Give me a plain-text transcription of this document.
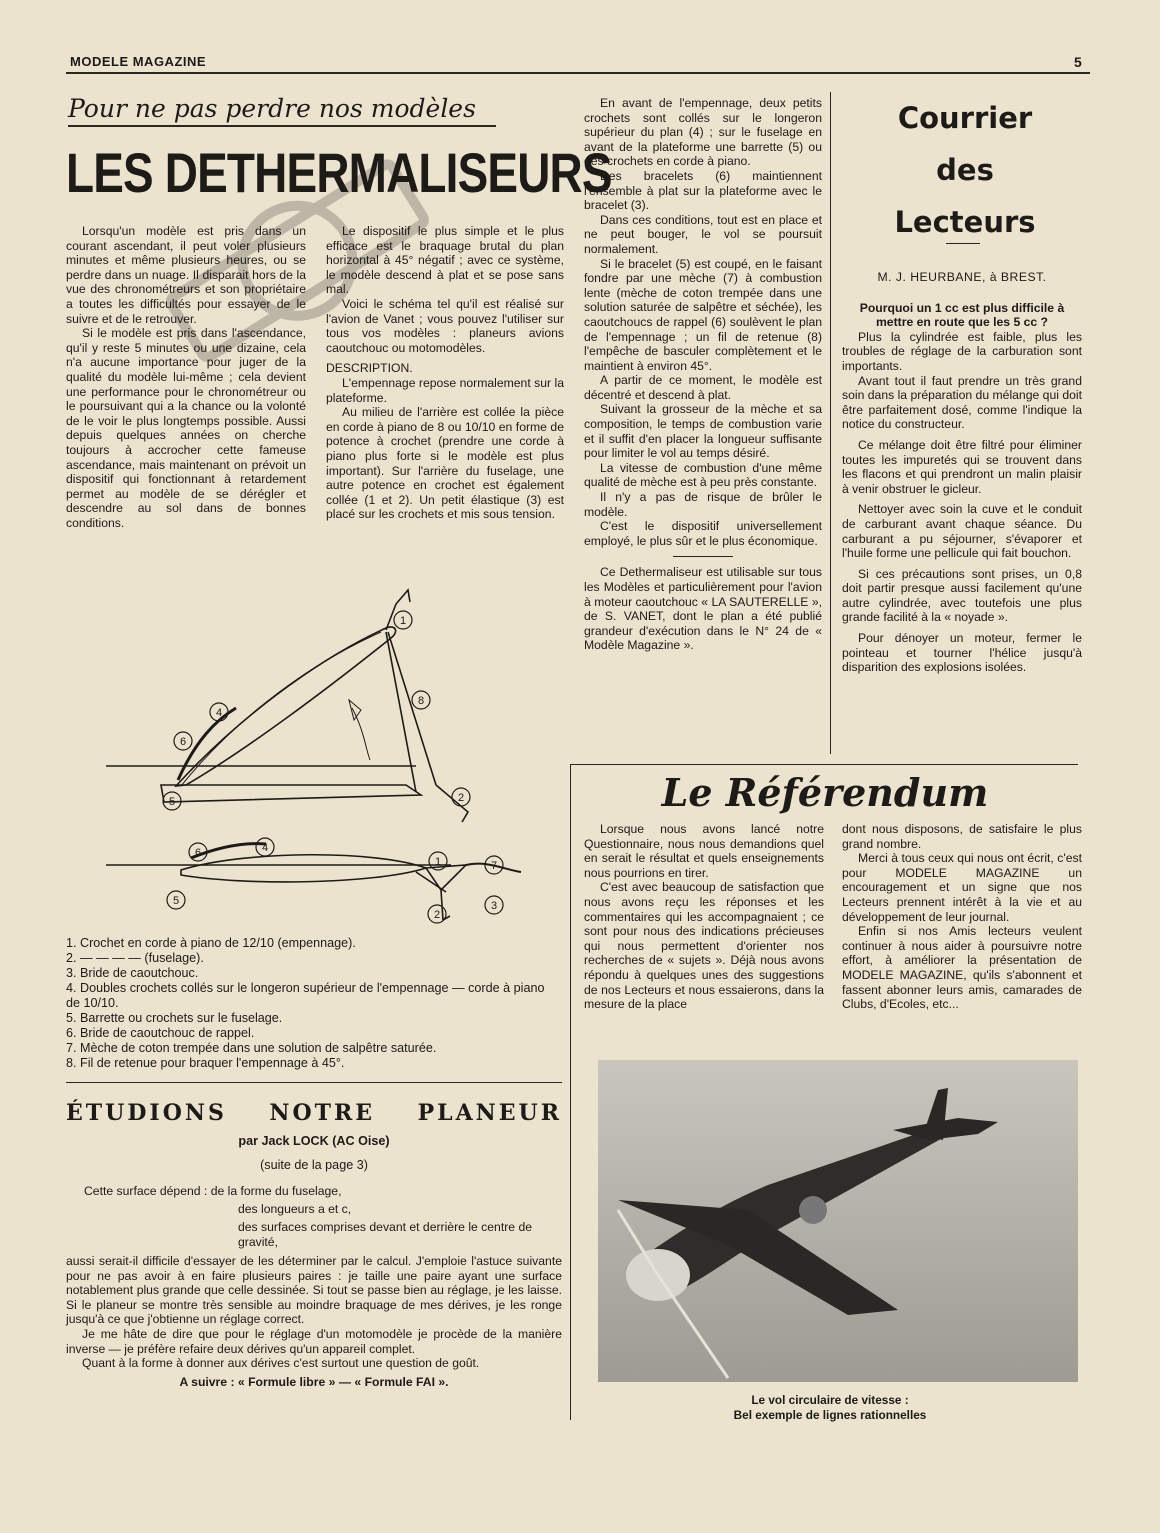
MODELE MAGAZINE	5
Pour ne pas perdre nos modèles
LES DETHERMALISEURS

Lorsqu'un modèle est pris dans un courant ascendant, il peut voler plusieurs minutes et même plusieurs heures, ou se perdre dans un nuage. Il disparait hors de la vue des chronométreurs et son propriétaire a toutes les difficultés pour essayer de le suivre et de le retrouver.

Si le modèle est pris dans l'ascendance, qu'il y reste 5 minutes ou une dizaine, cela n'a aucune importance pour juger de la qualité du modèle lui-même ; cela devient une performance pour le chronométreur ou le poursuivant qui a la chance ou la volonté de le voir le plus longtemps possible. Aussi depuis quelques années on cherche toujours à accrocher cette fameuse ascendance, mais maintenant on prévoit un dispositif qui fonctionnant à retardement permet au modèle de se dérégler et descendre au sol dans de bonnes conditions.

Le dispositif le plus simple et le plus efficace est le braquage brutal du plan horizontal à 45° négatif ; avec ce système, le modèle descend à plat et se pose sans mal.

Voici le schéma tel qu'il est réalisé sur l'avion de Vanet ; vous pouvez l'utiliser sur tous vos modèles : planeurs avions caoutchouc ou motomodèles.

DESCRIPTION.

L'empennage repose normalement sur la plateforme.

Au milieu de l'arrière est collée la pièce en corde à piano de 8 ou 10/10 en forme de potence à crochet (prendre une corde à piano plus forte si le modèle est plus important). Sur l'arrière du fuselage, une autre potence en crochet est également collée (1 et 2). Un petit élastique (3) est placé sur les crochets et mis sous tension.

En avant de l'empennage, deux petits crochets sont collés sur le longeron supérieur du plan (4) ; sur le fuselage en avant de la plateforme une barrette (5) ou des crochets en corde à piano.

Des bracelets (6) maintiennent l'ensemble à plat sur la plateforme avec le bracelet (3).

Dans ces conditions, tout est en place et ne peut bouger, le vol se poursuit normalement.

Si le bracelet (5) est coupé, en le faisant fondre par une mèche (7) à combustion lente (mèche de coton trempée dans une solution saturée de salpêtre et séchée), les caoutchoucs de rappel (6) soulèvent le plan de l'empennage ; un fil de retenue (8) l'empêche de basculer complètement et le maintient à environ 45°.

A partir de ce moment, le modèle est décentré et descend à plat.

Suivant la grosseur de la mèche et sa composition, le temps de combustion varie et il suffit d'en placer la longueur suffisante pour limiter le vol au temps désiré.

La vitesse de combustion d'une même qualité de mèche est à peu près constante.

Il n'y a pas de risque de brûler le modèle.

C'est le dispositif universellement employé, le plus sûr et le plus économique.

Ce Dethermaliseur est utilisable sur tous les Modèles et particulièrement pour l'avion à moteur caoutchouc « LA SAUTERELLE », de S. VANET, dont le plan a été publié grandeur d'exécution dans le N° 24 de « Modèle Magazine ».

1
2
8
4
6
5
6	4
1	7
3
2
5
1. Crochet en corde à piano de 12/10 (empennage).
2. — — — — (fuselage).
3. Bride de caoutchouc.
4. Doubles crochets collés sur le longeron supérieur de l'empennage — corde à piano de 10/10.
5. Barrette ou crochets sur le fuselage.
6. Bride de caoutchouc de rappel.
7. Mèche de coton trempée dans une solution de salpêtre saturée.
8. Fil de retenue pour braquer l'empennage à 45°.
Courrier
des
Lecteurs
M. J. HEURBANE, à BREST.
Pourquoi un 1 cc est plus difficile à mettre en route que les 5 cc ?

Plus la cylindrée est faible, plus les troubles de réglage de la carburation sont importants.

Avant tout il faut prendre un très grand soin dans la préparation du mélange qui doit être parfaitement dosé, comme l'indique la notice du constructeur.

Ce mélange doit être filtré pour éliminer toutes les impuretés qui se trouvent dans les flacons et qui prendront un malin plaisir à venir obstruer le gicleur.

Nettoyer avec soin la cuve et le conduit de carburant avant chaque séance. Du carburant a pu séjourner, s'évaporer et l'huile forme une pellicule qui fait bouchon.

Si ces précautions sont prises, un 0,8 doit partir presque aussi facilement qu'une autre cylindrée, avec toutefois une plus grande facilité à la « noyade ».

Pour dénoyer un moteur, fermer le pointeau et tourner l'hélice jusqu'à disparition des explosions isolées.

Le Référendum

Lorsque nous avons lancé notre Questionnaire, nous nous demandions quel en serait le résultat et quels enseignements nous pourrions en tirer.

C'est avec beaucoup de satisfaction que nous avons reçu les réponses et les commentaires qui les accompagnaient ; ce sont pour nous des indications précieuses qui nous permettent d'orienter nos recherches de « sujets ». Déjà nous avons répondu à quelques unes des suggestions de nos Lecteurs et nous essaierons, dans la mesure de la place

dont nous disposons, de satisfaire le plus grand nombre.

Merci à tous ceux qui nous ont écrit, c'est pour MODELE MAGAZINE un encouragement et un signe que nos Lecteurs prennent intérêt à la vie et au développement de leur journal.

Enfin si nos Amis lecteurs veulent continuer à nous aider à poursuivre notre effort, à améliorer la présentation de MODELE MAGAZINE, qu'ils s'abonnent et fassent abonner leurs amis, camarades de Clubs, d'Ecoles, etc...

Le vol circulaire de vitesse :
Bel exemple de lignes rationnelles
ÉTUDIONS NOTRE PLANEUR
par Jack LOCK (AC Oise)
(suite de la page 3)
Cette surface dépend : de la forme du fuselage,
des longueurs a et c,
des surfaces comprises devant et derrière le centre de gravité,

aussi serait-il difficile d'essayer de les déterminer par le calcul. J'emploie l'astuce suivante pour ne pas avoir à en faire plusieurs paires : je taille une paire ayant une surface notablement plus grande que celle dessinée. Si tout se passe bien au réglage, je les laisse. Si le planeur se montre très sensible au moindre braquage de mes dérives, je les ronge jusqu'à ce que j'obtienne un réglage correct.

Je me hâte de dire que pour le réglage d'un motomodèle je procède de la manière inverse — je préfère refaire deux dérives qu'un appareil complet.

Quant à la forme à donner aux dérives c'est surtout une question de goût.

A suivre : « Formule libre » — « Formule FAI ».
